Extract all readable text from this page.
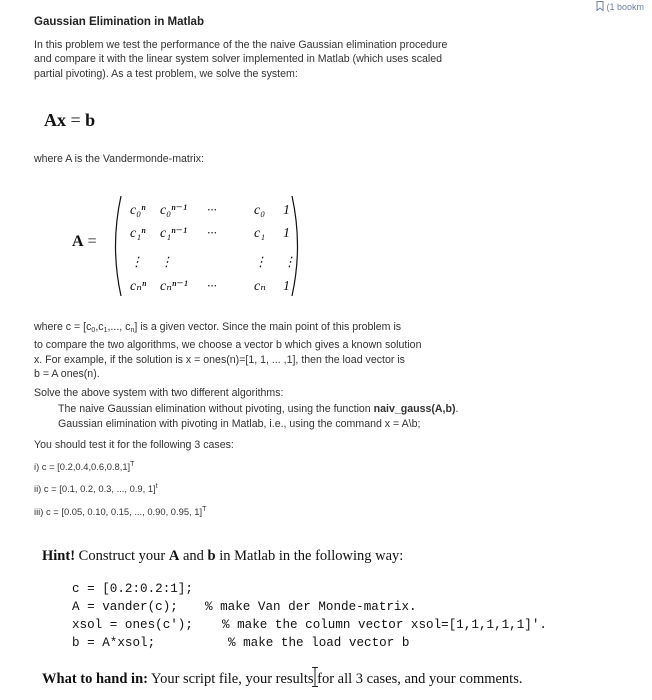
(1 bookm
Gaussian Elimination in Matlab
In this problem we test the performance of the the naive Gaussian elimination procedure
and compare it with the linear system solver implemented in Matlab (which uses scaled
partial pivoting). As a test problem, we solve the system:
Ax = b
where A is the Vandermonde-matrix:
A =
c₀ⁿ c₀ⁿ⁻¹ ···	c₀ 1
c₁ⁿ c₁ⁿ⁻¹ ···	c₁ 1
⋮ ⋮	⋮ ⋮
cₙⁿ cₙⁿ⁻¹ ···	cₙ 1
where c = [c0,c1,..., cn] is a given vector. Since the main point of this problem is
to compare the two algorithms, we choose a vector b which gives a known solution
x. For example, if the solution is x = ones(n)=[1, 1, ... ,1], then the load vector is
b = A ones(n).
Solve the above system with two different algorithms:
The naive Gaussian elimination without pivoting, using the function naiv_gauss(A,b).
Gaussian elimination with pivoting in Matlab, i.e., using the command x = A\b;
You should test it for the following 3 cases:
i) $c = [0.2,0.4,0.6,0.8,1]^T$
ii) c = [0.1, 0.2, 0.3, ..., 0.9, 1]$^t$
iii) c = [0.05, 0.10, 0.15, ..., 0.90, 0.95, 1]$^T$
Hint! Construct your A and b in Matlab in the following way:
c = [0.2:0.2:1];
A = vander(c); % make Van der Monde-matrix.
xsol = ones(c'); % make the column vector xsol=[1,1,1,1,1]'.
b = A*xsol;	% make the load vector b
What to hand in: Your script file, your results for all 3 cases, and your comments.
